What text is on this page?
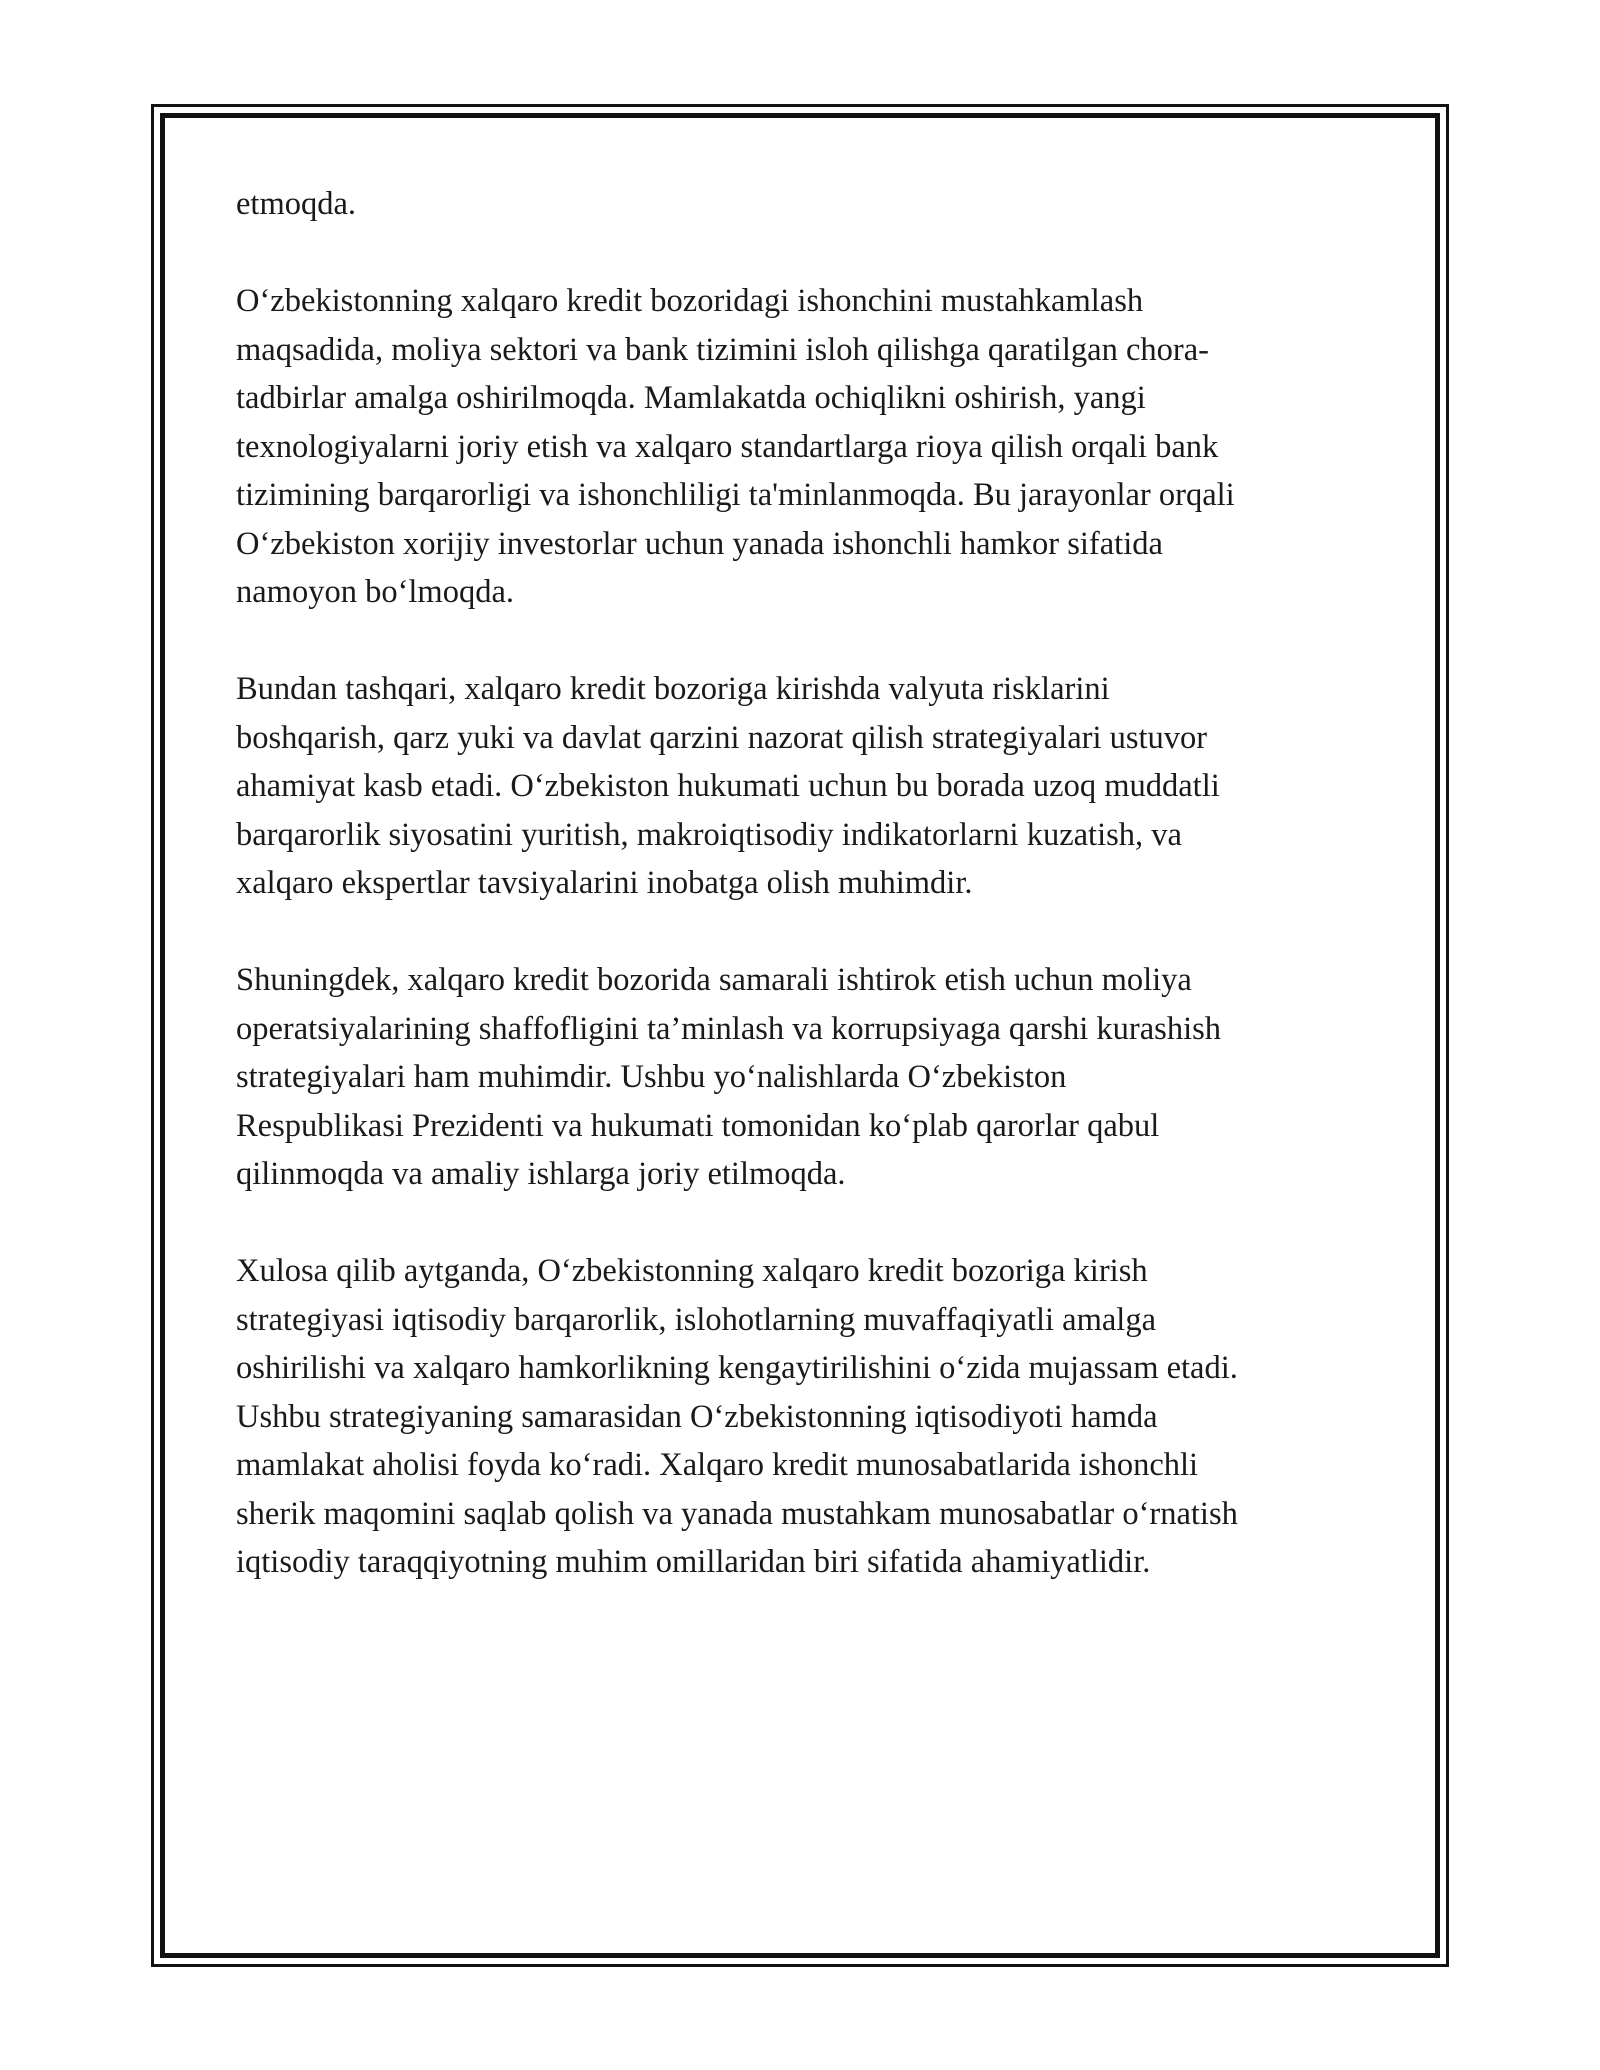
etmoqda.

O‘zbekistonning xalqaro kredit bozoridagi ishonchini mustahkamlash
maqsadida, moliya sektori va bank tizimini isloh qilishga qaratilgan chora-
tadbirlar amalga oshirilmoqda. Mamlakatda ochiqlikni oshirish, yangi
texnologiyalarni joriy etish va xalqaro standartlarga rioya qilish orqali bank
tizimining barqarorligi va ishonchliligi ta'minlanmoqda. Bu jarayonlar orqali
O‘zbekiston xorijiy investorlar uchun yanada ishonchli hamkor sifatida
namoyon bo‘lmoqda.

Bundan tashqari, xalqaro kredit bozoriga kirishda valyuta risklarini
boshqarish, qarz yuki va davlat qarzini nazorat qilish strategiyalari ustuvor
ahamiyat kasb etadi. O‘zbekiston hukumati uchun bu borada uzoq muddatli
barqarorlik siyosatini yuritish, makroiqtisodiy indikatorlarni kuzatish, va
xalqaro ekspertlar tavsiyalarini inobatga olish muhimdir.

Shuningdek, xalqaro kredit bozorida samarali ishtirok etish uchun moliya
operatsiyalarining shaffofligini ta’minlash va korrupsiyaga qarshi kurashish
strategiyalari ham muhimdir. Ushbu yo‘nalishlarda O‘zbekiston
Respublikasi Prezidenti va hukumati tomonidan ko‘plab qarorlar qabul
qilinmoqda va amaliy ishlarga joriy etilmoqda.

Xulosa qilib aytganda, O‘zbekistonning xalqaro kredit bozoriga kirish
strategiyasi iqtisodiy barqarorlik, islohotlarning muvaffaqiyatli amalga
oshirilishi va xalqaro hamkorlikning kengaytirilishini o‘zida mujassam etadi.
Ushbu strategiyaning samarasidan O‘zbekistonning iqtisodiyoti hamda
mamlakat aholisi foyda ko‘radi. Xalqaro kredit munosabatlarida ishonchli
sherik maqomini saqlab qolish va yanada mustahkam munosabatlar o‘rnatish
iqtisodiy taraqqiyotning muhim omillaridan biri sifatida ahamiyatlidir.
